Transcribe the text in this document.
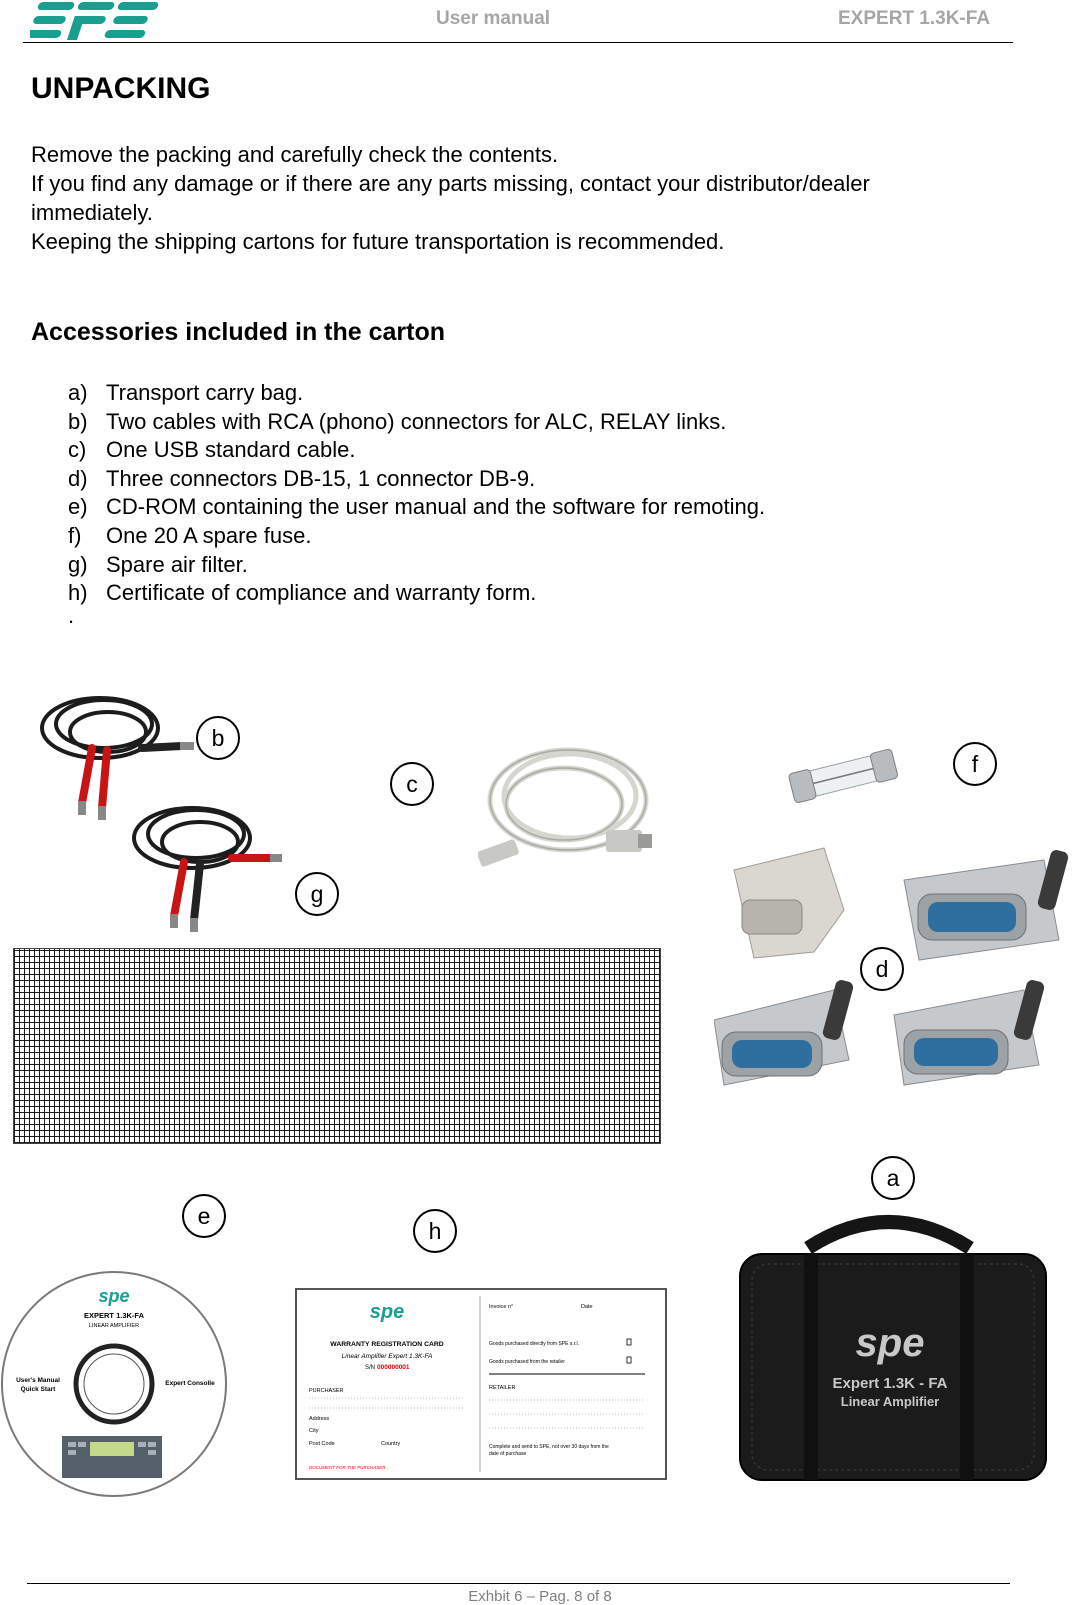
User manual	EXPERT 1.3K-FA
UNPACKING
Remove the packing and carefully check the contents.
If you find any damage or if there are any parts missing, contact your distributor/dealer
immediately.
Keeping the shipping cartons for future transportation is recommended.
Accessories included in the carton
a) Transport carry bag.
b) Two cables with RCA (phono) connectors for ALC, RELAY links.
c) One USB standard cable.
d) Three connectors DB-15, 1 connector DB-9.
e) CD-ROM containing the user manual and the software for remoting.
f)	One 20 A spare fuse.
g) Spare air filter.
h) Certificate of compliance and warranty form.
.
spe
EXPERT 1.3K-FA
LINEAR AMPLIFIER
User's Manual
Quick Start
Expert Consolle
spe
WARRANTY REGISTRATION CARD
Linear Amplifier Expert 1.3K-FA
S/N 000000001
PURCHASER
Address
City
Post Code	Country
DOCUMENT FOR THE PURCHASER
Invoice n°	Date
Goods purchased directly from SPE s.r.l.
Goods purchased from the retailer
RETAILER
Complete and send to SPE, not over 30 days from the
date of purchase
spe
Expert 1.3K - FA
Linear Amplifier
b
c
f
g
d
a
e
h
Exhbit 6 – Pag. 8 of 8
